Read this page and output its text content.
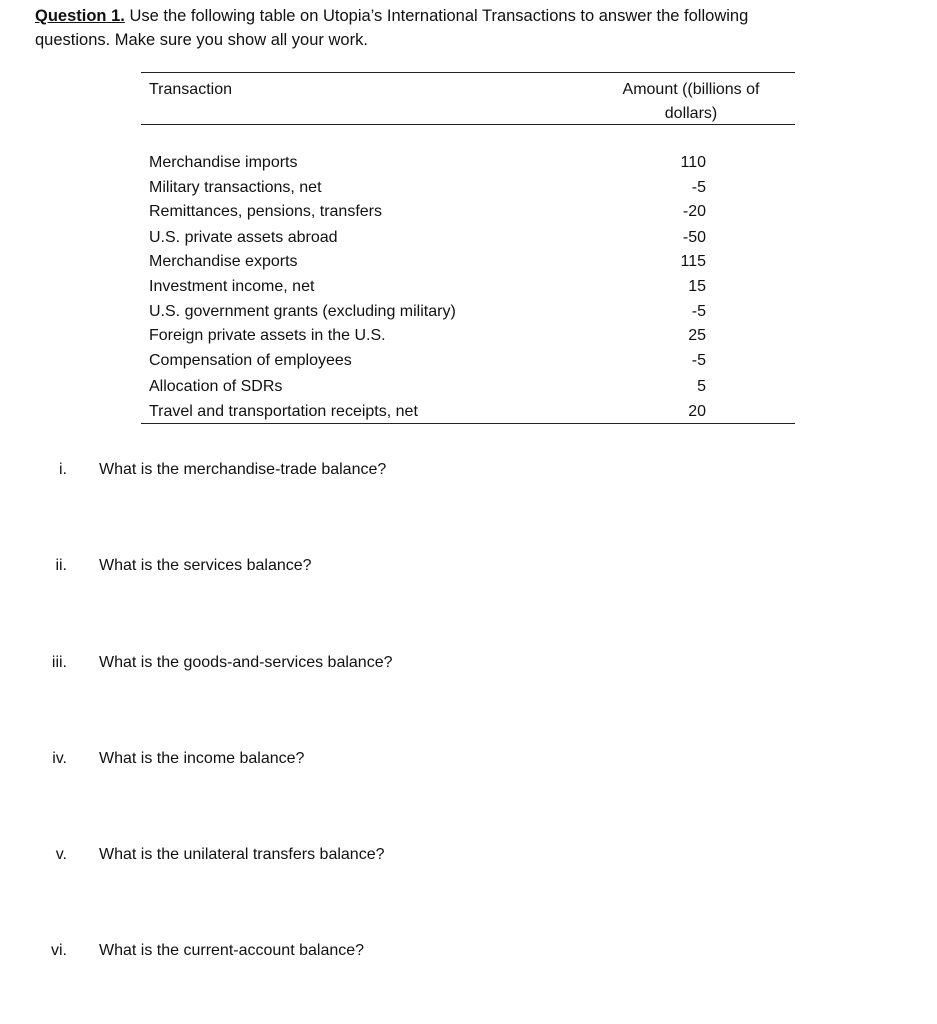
Question 1. Use the following table on Utopia’s International Transactions to answer the following
questions. Make sure you show all your work.
Transaction	Amount ((billions of
dollars)
Merchandise imports	110
Military transactions, net	-5
Remittances, pensions, transfers	-20
U.S. private assets abroad	-50
Merchandise exports	115
Investment income, net	15
U.S. government grants (excluding military)	-5
Foreign private assets in the U.S.	25
Compensation of employees	-5
Allocation of SDRs	5
Travel and transportation receipts, net	20
i. What is the merchandise-trade balance?
ii. What is the services balance?
iii. What is the goods-and-services balance?
iv. What is the income balance?
v. What is the unilateral transfers balance?
vi. What is the current-account balance?
